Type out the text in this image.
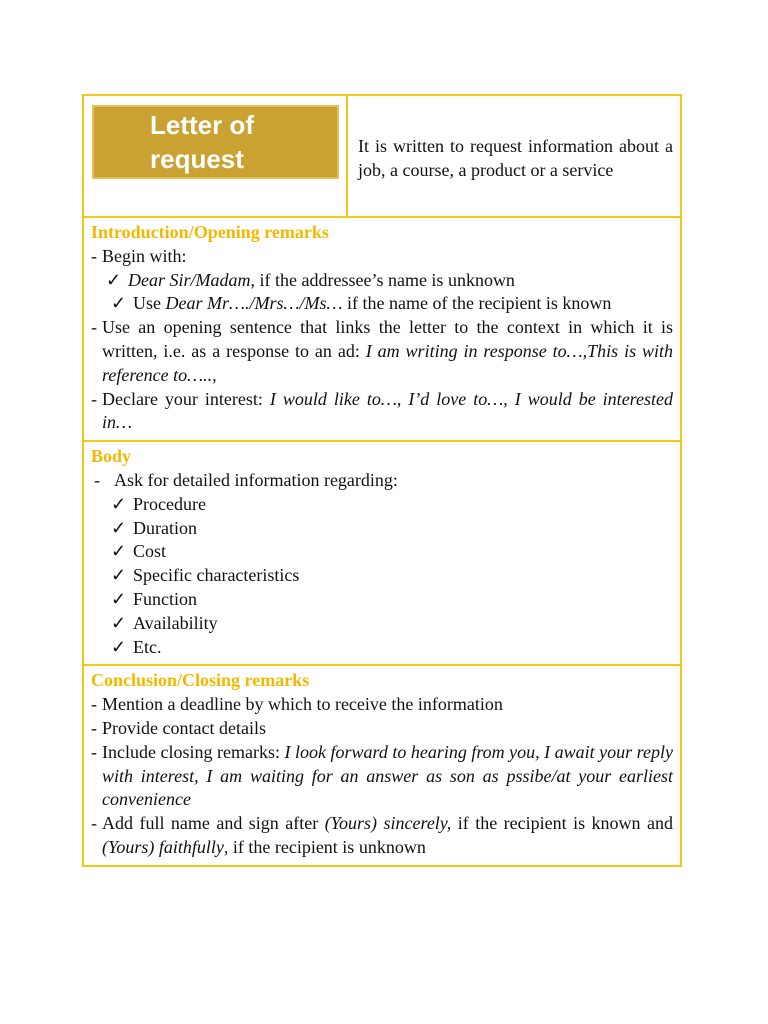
Letter of
request	It is written to request information about a job, a course, a product or a service
Introduction/Opening remarks
- Begin with:
✓ Dear Sir/Madam, if the addressee’s name is unknown
✓ Use Dear Mr…./Mrs…/Ms… if the name of the recipient is known
- Use an opening sentence that links the letter to the context in which it is written, i.e. as a response to an ad: I am writing in response to…,This is with reference to…..,
- Declare your interest: I would like to…, I’d love to…, I would be interested in…
Body
- Ask for detailed information regarding:
✓ Procedure
✓ Duration
✓ Cost
✓ Specific characteristics
✓ Function
✓ Availability
✓ Etc.
Conclusion/Closing remarks
- Mention a deadline by which to receive the information
- Provide contact details
- Include closing remarks: I look forward to hearing from you, I await your reply with interest, I am waiting for an answer as son as pssibe/at your earliest convenience
- Add full name and sign after (Yours) sincerely, if the recipient is known and (Yours) faithfully, if the recipient is unknown
